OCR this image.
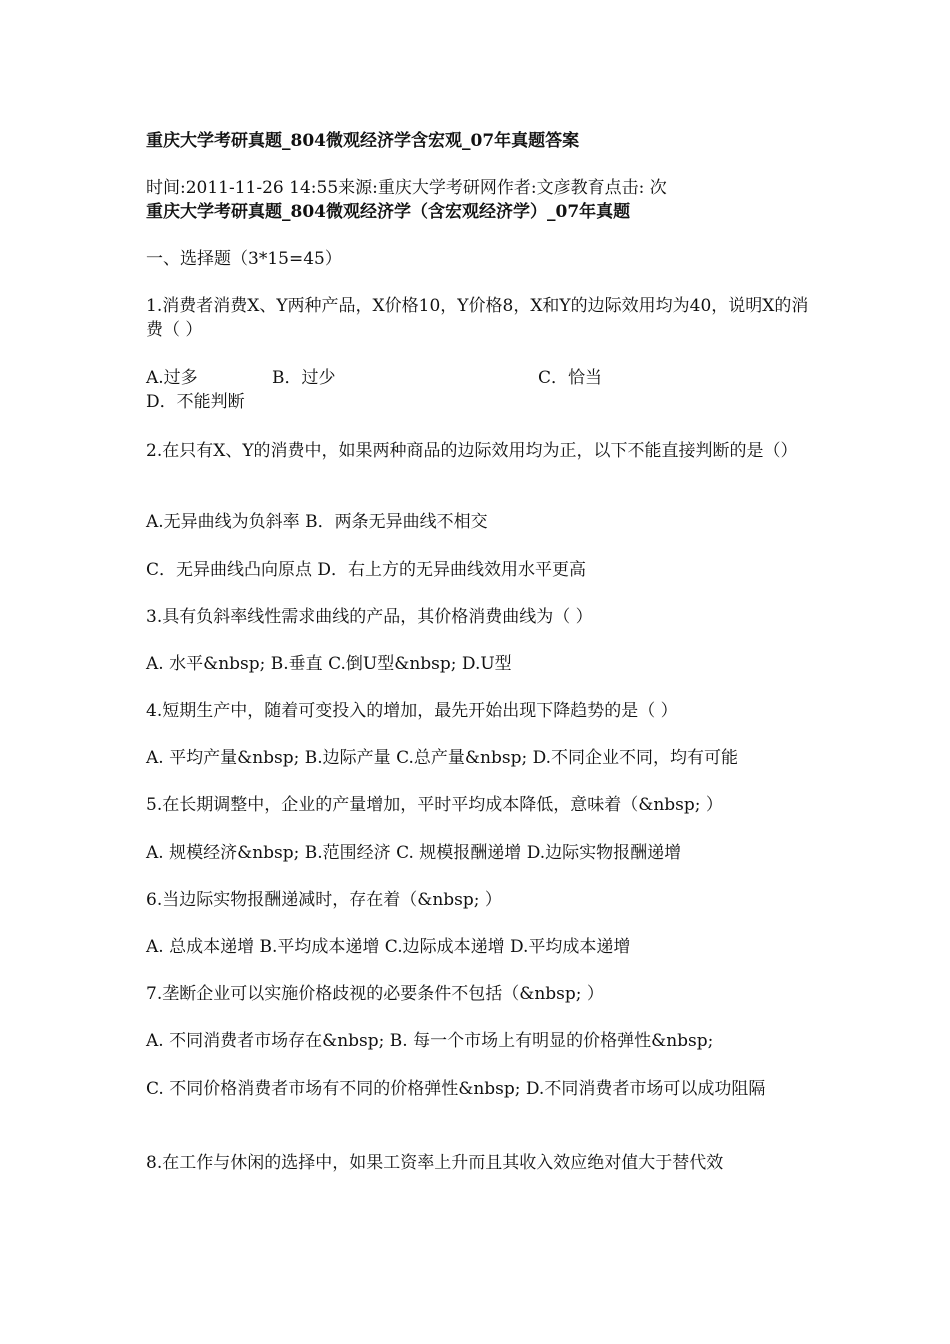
重庆大学考研真题_804微观经济学含宏观_07年真题答案
时间:2011-11-26 14:55来源:重庆大学考研网作者:文彦教育点击: 次
重庆大学考研真题_804微观经济学（含宏观经济学）_07年真题
一、选择题（3*15=45）
1.消费者消费X、Y两种产品，X价格10，Y价格8，X和Y的边际效用均为40，说明X的消费（ ）
A.过多	B．过少	C．恰当
D．不能判断
2.在只有X、Y的消费中，如果两种商品的边际效用均为正，以下不能直接判断的是（）
A.无异曲线为负斜率 B．两条无异曲线不相交
C．无异曲线凸向原点 D．右上方的无异曲线效用水平更高
3.具有负斜率线性需求曲线的产品，其价格消费曲线为（ ）
A. 水平&nbsp; B.垂直 C.倒U型&nbsp; D.U型
4.短期生产中，随着可变投入的增加，最先开始出现下降趋势的是（ ）
A. 平均产量&nbsp; B.边际产量 C.总产量&nbsp; D.不同企业不同，均有可能
5.在长期调整中，企业的产量增加，平时平均成本降低，意味着（&nbsp; ）
A. 规模经济&nbsp; B.范围经济 C. 规模报酬递增 D.边际实物报酬递增
6.当边际实物报酬递减时，存在着（&nbsp; ）
A. 总成本递增 B.平均成本递增 C.边际成本递增 D.平均成本递增
7.垄断企业可以实施价格歧视的必要条件不包括（&nbsp; ）
A. 不同消费者市场存在&nbsp; B. 每一个市场上有明显的价格弹性&nbsp;
C. 不同价格消费者市场有不同的价格弹性&nbsp; D.不同消费者市场可以成功阻隔
8.在工作与休闲的选择中，如果工资率上升而且其收入效应绝对值大于替代效
